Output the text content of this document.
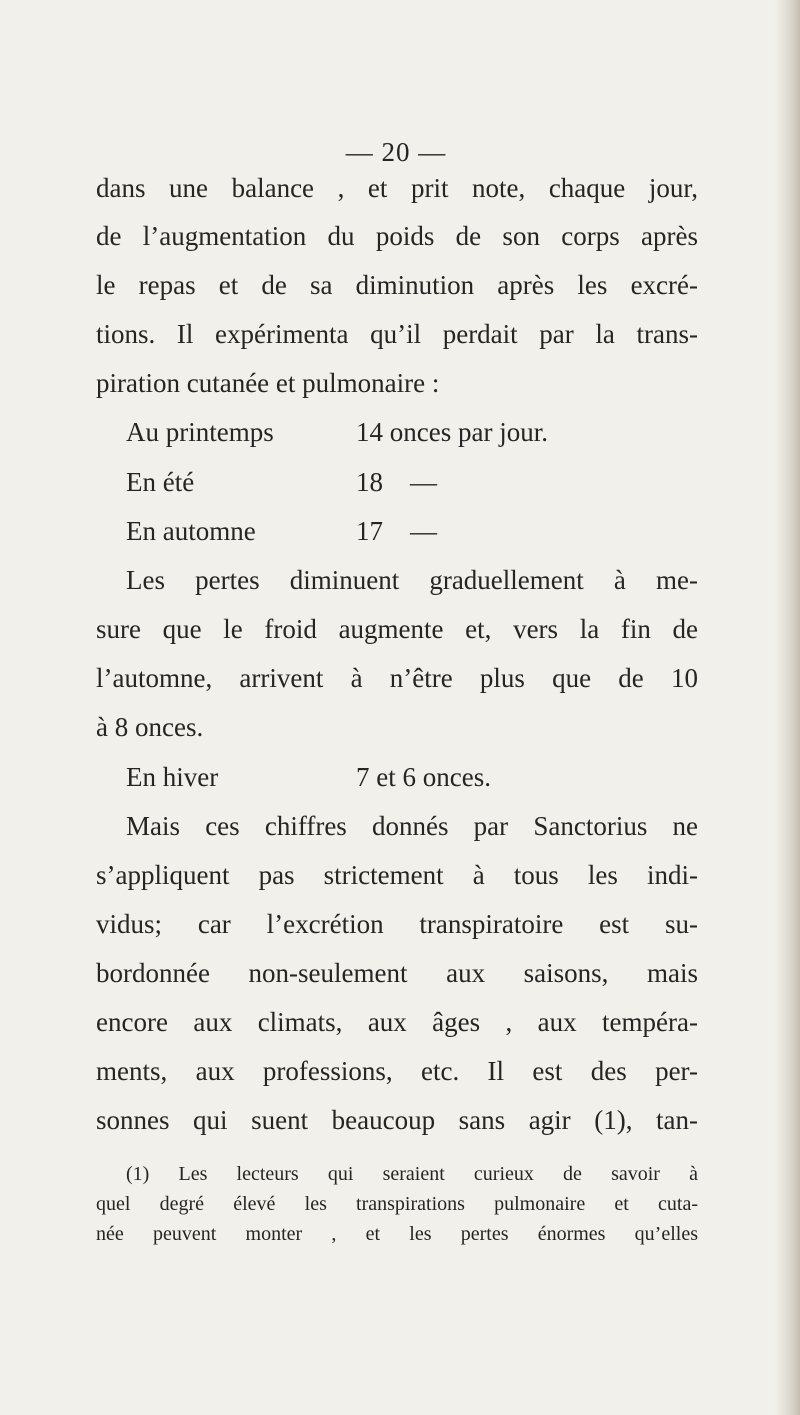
— 20 —
dans une balance , et prit note, chaque jour,
de l’augmentation du poids de son corps après
le repas et de sa diminution après les excré-
tions. Il expérimenta qu’il perdait par la trans-
piration cutanée et pulmonaire :
Au printemps	14 onces par jour.
En été	18    —
En automne	17    —
Les pertes diminuent graduellement à me-
sure que le froid augmente et, vers la fin de
l’automne, arrivent à n’être plus que de 10
à 8 onces.
En hiver	7 et 6 onces.
Mais ces chiffres donnés par Sanctorius ne
s’appliquent pas strictement à tous les indi-
vidus; car l’excrétion transpiratoire est su-
bordonnée non-seulement aux saisons, mais
encore aux climats, aux âges , aux tempéra-
ments, aux professions, etc. Il est des per-
sonnes qui suent beaucoup sans agir (1), tan-
(1) Les lecteurs qui seraient curieux de savoir à
quel degré élevé les transpirations pulmonaire et cuta-
née peuvent monter , et les pertes énormes qu’elles
